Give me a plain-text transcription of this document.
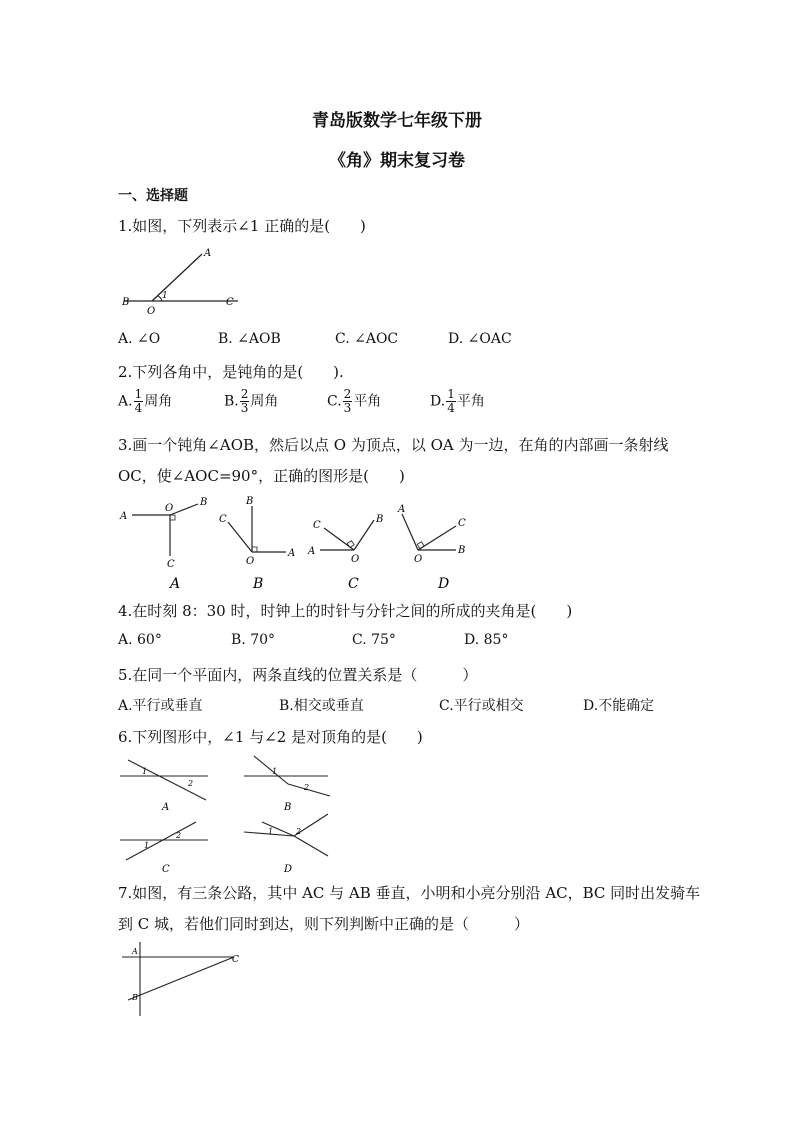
青岛版数学七年级下册
《角》期末复习卷
一、选择题
1.如图，下列表示∠1 正确的是(　　)
A
B
O
C
1
A. ∠O	B. ∠AOB	C. ∠AOC	D. ∠OAC
2.下列各角中，是钝角的是(　　).
A. $\frac{1}{4}$ 周角	B. $\frac{2}{3}$ 周角	C. $\frac{2}{3}$ 平角	D. $\frac{1}{4}$ 平角
3.画一个钝角∠AOB，然后以点 O 为顶点，以 OA 为一边，在角的内部画一条射线
OC，使∠AOC=90°，正确的图形是(　　)
A
O
B
C
A
B
C
O
A
B
A
C
B
O
C
A
C
B
O
D
4.在时刻 8：30 时，时钟上的时针与分针之间的所成的夹角是(　　)
A. 60°	B. 70°	C. 75°	D. 85°
5.在同一个平面内，两条直线的位置关系是（　　　）
A.平行或垂直	B.相交或垂直	C.平行或相交	D.不能确定
6.下列图形中，∠1 与∠2 是对顶角的是(　　)
1
2
A
1
2
B
1
2
C
1	2
D
7.如图，有三条公路，其中 AC 与 AB 垂直，小明和小亮分别沿 AC，BC 同时出发骑车
到 C 城，若他们同时到达，则下列判断中正确的是（　　　）
A
B
C
